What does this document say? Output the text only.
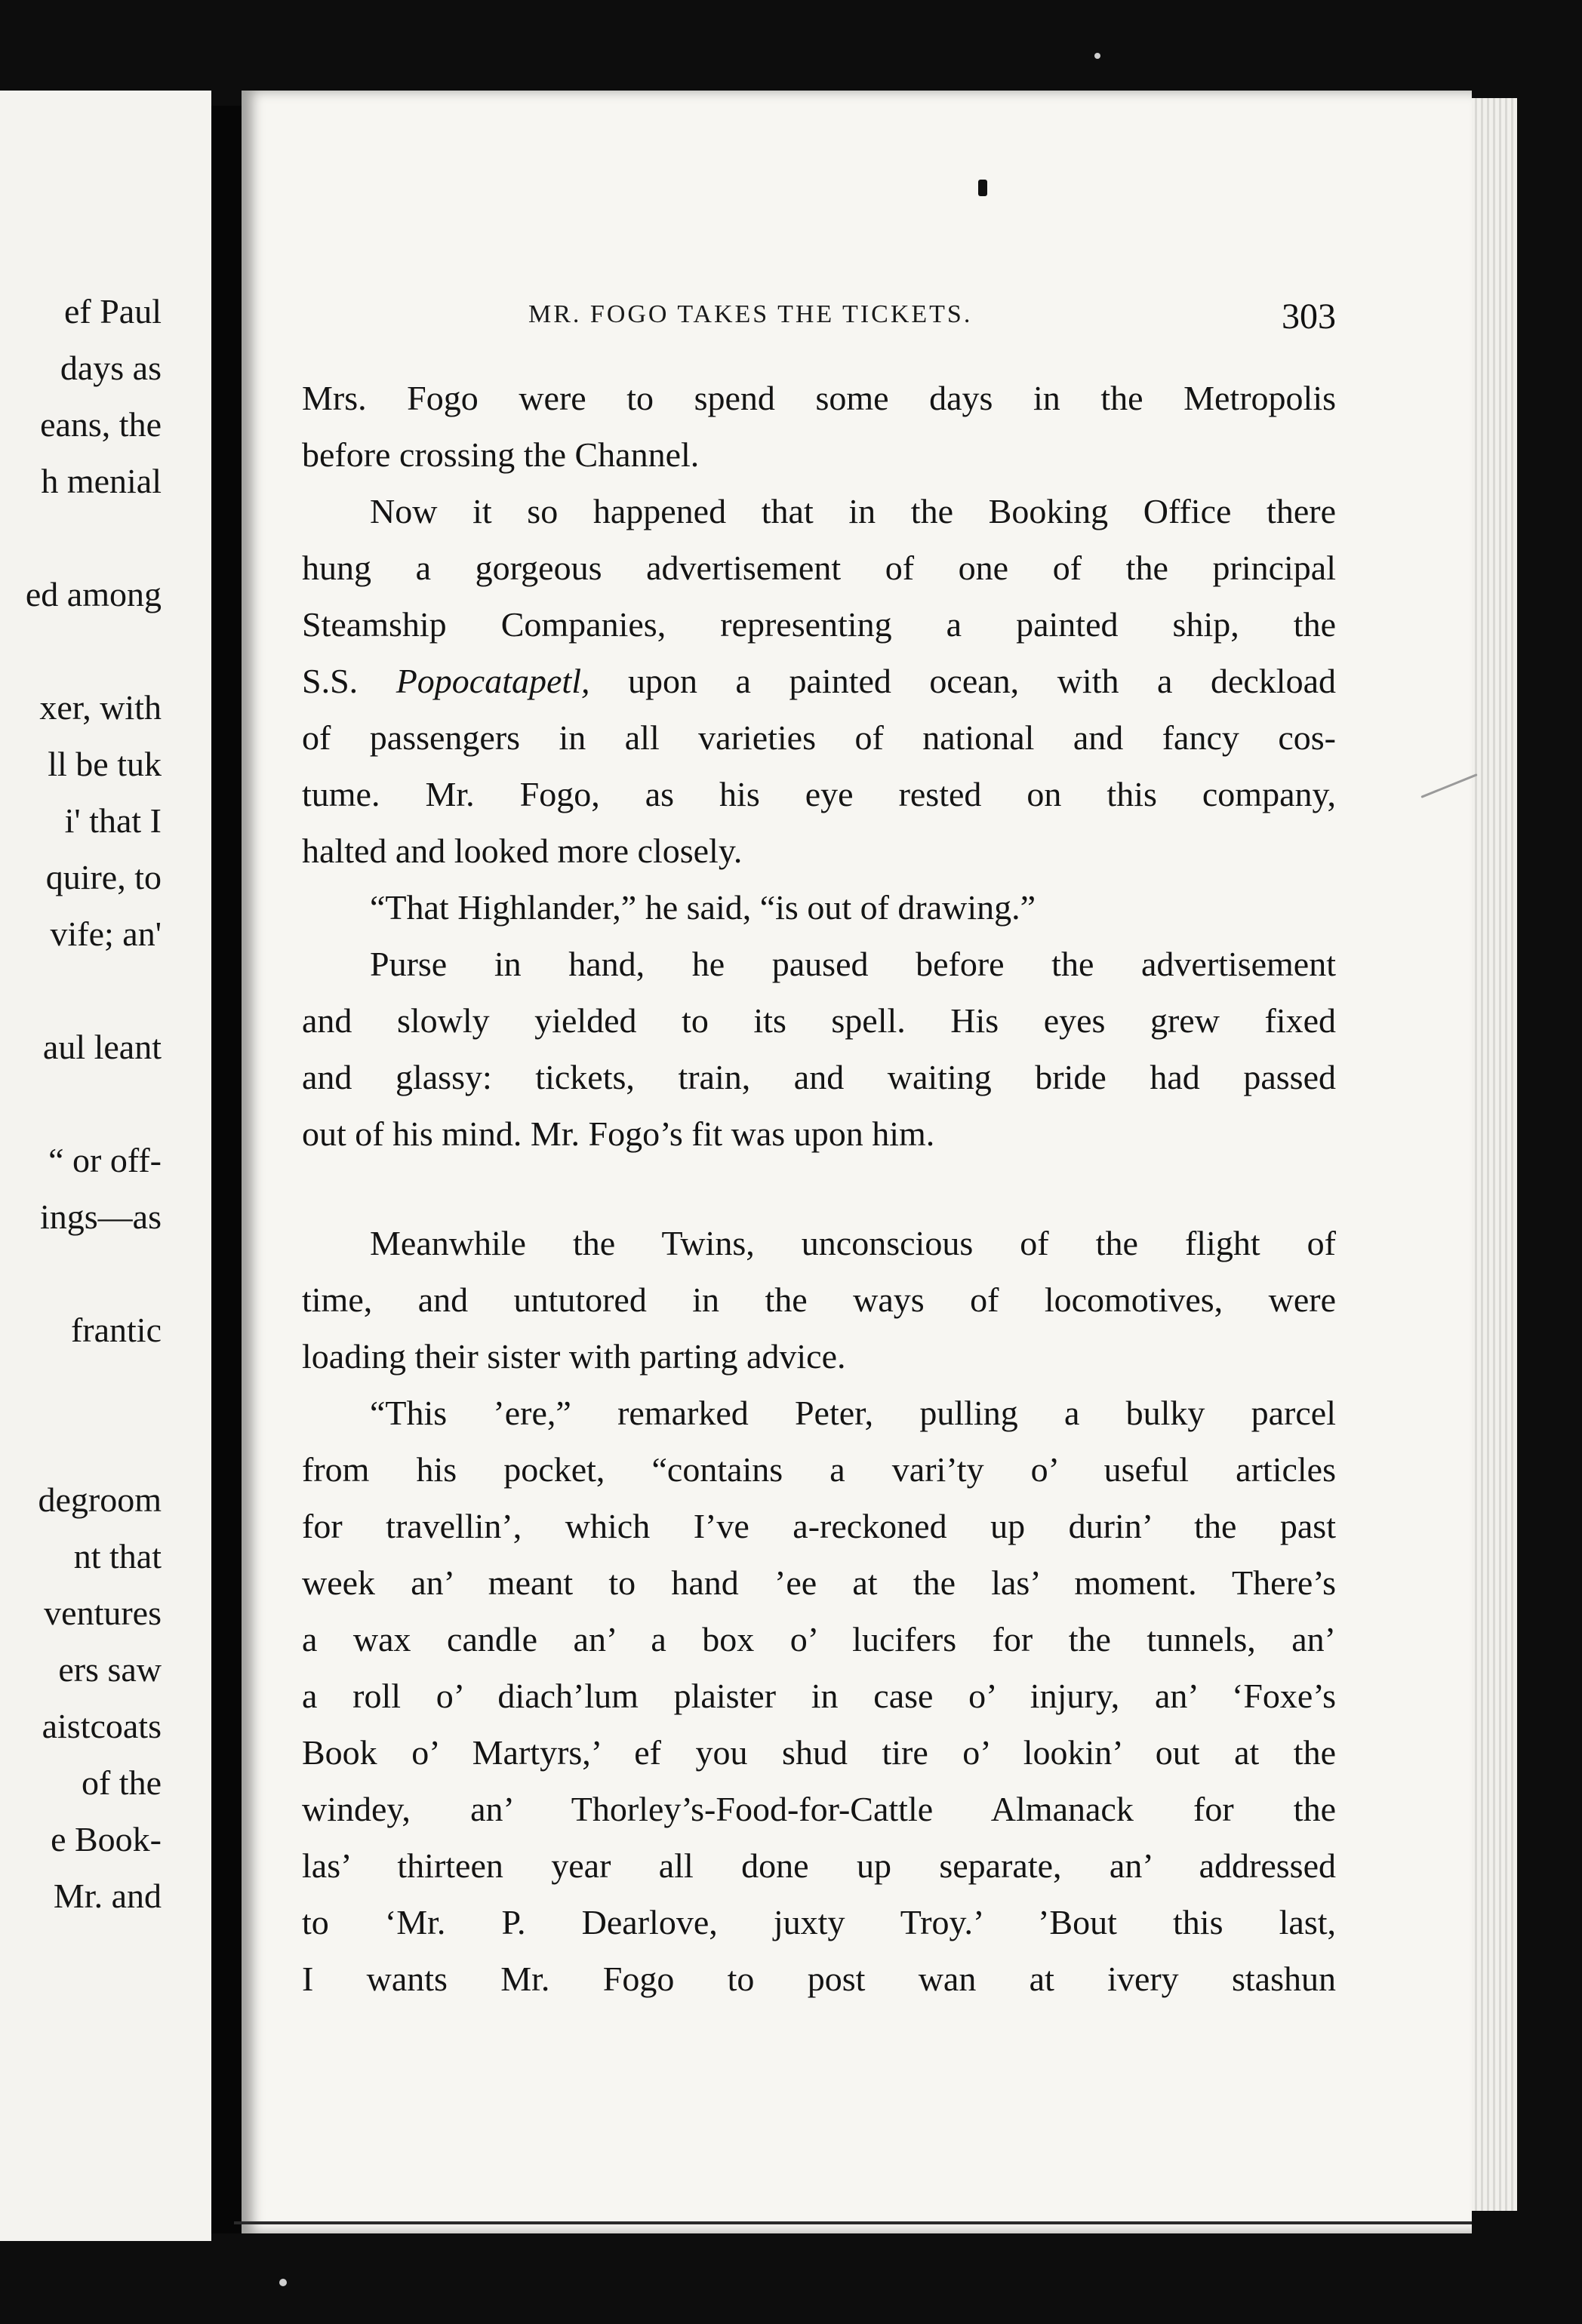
ef Paul
days as
eans, the
h menial
ed among
xer, with
ll be tuk
i' that I
quire, to
vife; an'
aul leant
“ or off-
ings—as
frantic
degroom
nt that
ventures
ers saw
aistcoats
of the
e Book-
Mr. and
MR. FOGO TAKES THE TICKETS.	303
Mrs. Fogo were to spend some days in the Metropolis
before crossing the Channel.
Now it so happened that in the Booking Office there
hung a gorgeous advertisement of one of the principal
Steamship Companies, representing a painted ship, the
S.S. Popocatapetl, upon a painted ocean, with a deckload
of passengers in all varieties of national and fancy cos-
tume. Mr. Fogo, as his eye rested on this company,
halted and looked more closely.
“That Highlander,” he said, “is out of drawing.”
Purse in hand, he paused before the advertisement
and slowly yielded to its spell. His eyes grew fixed
and glassy: tickets, train, and waiting bride had passed
out of his mind. Mr. Fogo’s fit was upon him.
Meanwhile the Twins, unconscious of the flight of
time, and untutored in the ways of locomotives, were
loading their sister with parting advice.
“This ’ere,” remarked Peter, pulling a bulky parcel
from his pocket, “contains a vari’ty o’ useful articles
for travellin’, which I’ve a-reckoned up durin’ the past
week an’ meant to hand ’ee at the las’ moment. There’s
a wax candle an’ a box o’ lucifers for the tunnels, an’
a roll o’ diach’lum plaister in case o’ injury, an’ ‘Foxe’s
Book o’ Martyrs,’ ef you shud tire o’ lookin’ out at the
windey, an’ Thorley’s-Food-for-Cattle Almanack for the
las’ thirteen year all done up separate, an’ addressed
to ‘Mr. P. Dearlove, juxty Troy.’ ’Bout this last,
I wants Mr. Fogo to post wan at ivery stashun
